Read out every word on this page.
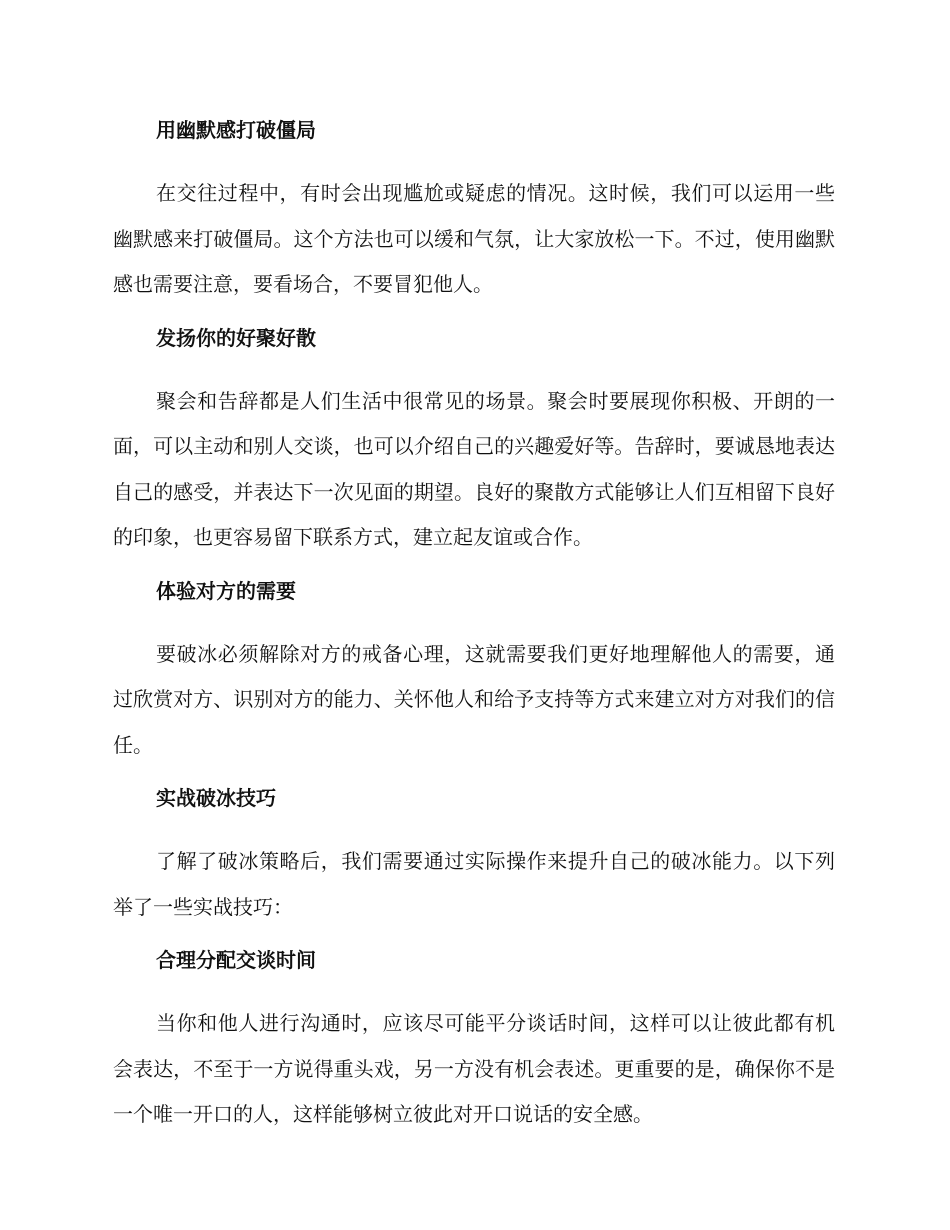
用幽默感打破僵局

在交往过程中，有时会出现尴尬或疑虑的情况。这时候，我们可以运用一些幽默感来打破僵局。这个方法也可以缓和气氛，让大家放松一下。不过，使用幽默感也需要注意，要看场合，不要冒犯他人。

发扬你的好聚好散

聚会和告辞都是人们生活中很常见的场景。聚会时要展现你积极、开朗的一面，可以主动和别人交谈，也可以介绍自己的兴趣爱好等。告辞时，要诚恳地表达自己的感受，并表达下一次见面的期望。良好的聚散方式能够让人们互相留下良好的印象，也更容易留下联系方式，建立起友谊或合作。

体验对方的需要

要破冰必须解除对方的戒备心理，这就需要我们更好地理解他人的需要，通过欣赏对方、识别对方的能力、关怀他人和给予支持等方式来建立对方对我们的信任。

实战破冰技巧

了解了破冰策略后，我们需要通过实际操作来提升自己的破冰能力。以下列举了一些实战技巧：

合理分配交谈时间

当你和他人进行沟通时，应该尽可能平分谈话时间，这样可以让彼此都有机会表达，不至于一方说得重头戏，另一方没有机会表述。更重要的是，确保你不是一个唯一开口的人，这样能够树立彼此对开口说话的安全感。
